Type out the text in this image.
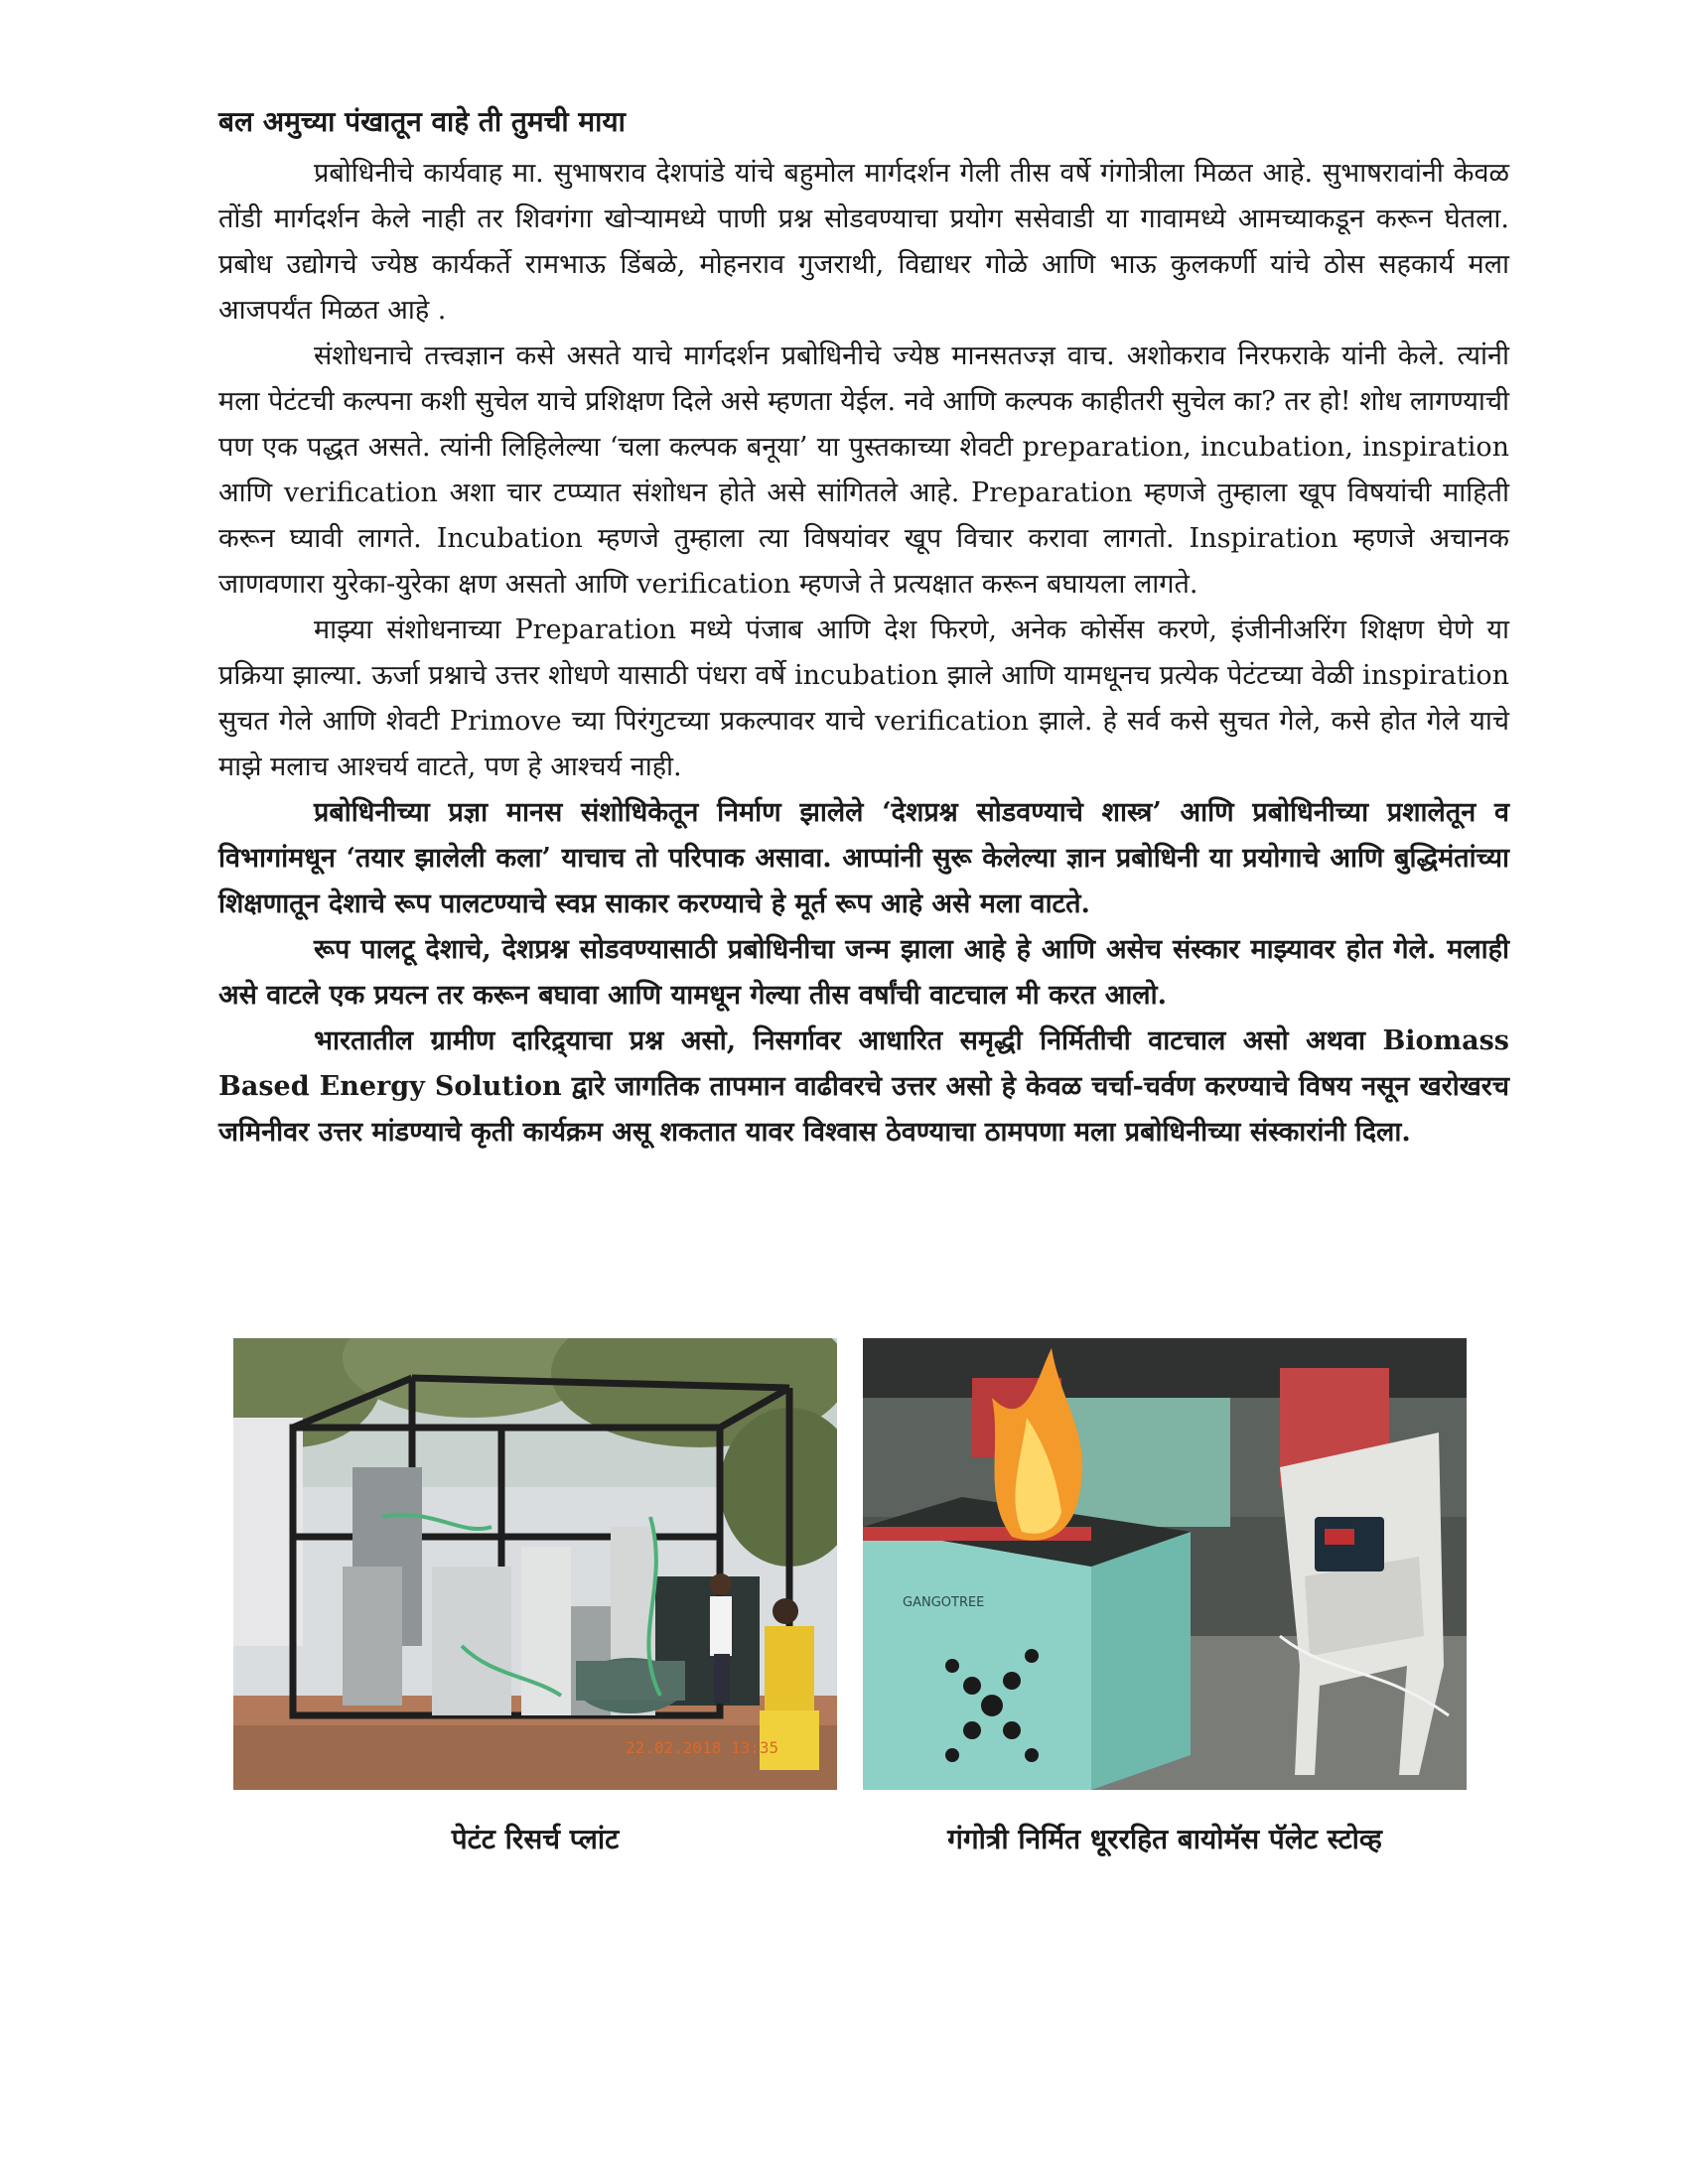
बल अमुच्या पंखातून वाहे ती तुमची माया

प्रबोधिनीचे कार्यवाह मा. सुभाषराव देशपांडे यांचे बहुमोल मार्गदर्शन गेली तीस वर्षे गंगोत्रीला मिळत आहे. सुभाषरावांनी केवळ तोंडी मार्गदर्शन केले नाही तर शिवगंगा खोऱ्यामध्ये पाणी प्रश्न सोडवण्याचा प्रयोग ससेवाडी या गावामध्ये आमच्याकडून करून घेतला. प्रबोध उद्योगचे ज्येष्ठ कार्यकर्ते रामभाऊ डिंबळे, मोहनराव गुजराथी, विद्याधर गोळे आणि भाऊ कुलकर्णी यांचे ठोस सहकार्य मला आजपर्यंत मिळत आहे .

संशोधनाचे तत्त्वज्ञान कसे असते याचे मार्गदर्शन प्रबोधिनीचे ज्येष्ठ मानसतज्ज्ञ वाच. अशोकराव निरफराके यांनी केले. त्यांनी मला पेटंटची कल्पना कशी सुचेल याचे प्रशिक्षण दिले असे म्हणता येईल. नवे आणि कल्पक काहीतरी सुचेल का? तर हो! शोध लागण्याची पण एक पद्धत असते. त्यांनी लिहिलेल्या ‘चला कल्पक बनूया’ या पुस्तकाच्या शेवटी preparation, incubation, inspiration आणि verification अशा चार टप्प्यात संशोधन होते असे सांगितले आहे. Preparation म्हणजे तुम्हाला खूप विषयांची माहिती करून घ्यावी लागते. Incubation म्हणजे तुम्हाला त्या विषयांवर खूप विचार करावा लागतो. Inspiration म्हणजे अचानक जाणवणारा युरेका-युरेका क्षण असतो आणि verification म्हणजे ते प्रत्यक्षात करून बघायला लागते.

माझ्या संशोधनाच्या Preparation मध्ये पंजाब आणि देश फिरणे, अनेक कोर्सेस करणे, इंजीनीअरिंग शिक्षण घेणे या प्रक्रिया झाल्या. ऊर्जा प्रश्नाचे उत्तर शोधणे यासाठी पंधरा वर्षे incubation झाले आणि यामधूनच प्रत्येक पेटंटच्या वेळी inspiration सुचत गेले आणि शेवटी Primove च्या पिरंगुटच्या प्रकल्पावर याचे verification झाले. हे सर्व कसे सुचत गेले, कसे होत गेले याचे माझे मलाच आश्चर्य वाटते, पण हे आश्चर्य नाही.

प्रबोधिनीच्या प्रज्ञा मानस संशोधिकेतून निर्माण झालेले ‘देशप्रश्न सोडवण्याचे शास्त्र’ आणि प्रबोधिनीच्या प्रशालेतून व विभागांमधून ‘तयार झालेली कला’ याचाच तो परिपाक असावा. आप्पांनी सुरू केलेल्या ज्ञान प्रबोधिनी या प्रयोगाचे आणि बुद्धिमंतांच्या शिक्षणातून देशाचे रूप पालटण्याचे स्वप्न साकार करण्याचे हे मूर्त रूप आहे असे मला वाटते.

रूप पालटू देशाचे, देशप्रश्न सोडवण्यासाठी प्रबोधिनीचा जन्म झाला आहे हे आणि असेच संस्कार माझ्यावर होत गेले. मलाही असे वाटले एक प्रयत्न तर करून बघावा आणि यामधून गेल्या तीस वर्षांची वाटचाल मी करत आलो.

भारतातील ग्रामीण दारिद्र्याचा प्रश्न असो, निसर्गावर आधारित समृद्धी निर्मितीची वाटचाल असो अथवा Biomass Based Energy Solution द्वारे जागतिक तापमान वाढीवरचे उत्तर असो हे केवळ चर्चा-चर्वण करण्याचे विषय नसून खरोखरच जमिनीवर उत्तर मांडण्याचे कृती कार्यक्रम असू शकतात यावर विश्वास ठेवण्याचा ठामपणा मला प्रबोधिनीच्या संस्कारांनी दिला.

22.02.2018 13:35
पेटंट रिसर्च प्लांट
GANGOTREE
गंगोत्री निर्मित धूररहित बायोमॅस पॅलेट स्टोव्ह
